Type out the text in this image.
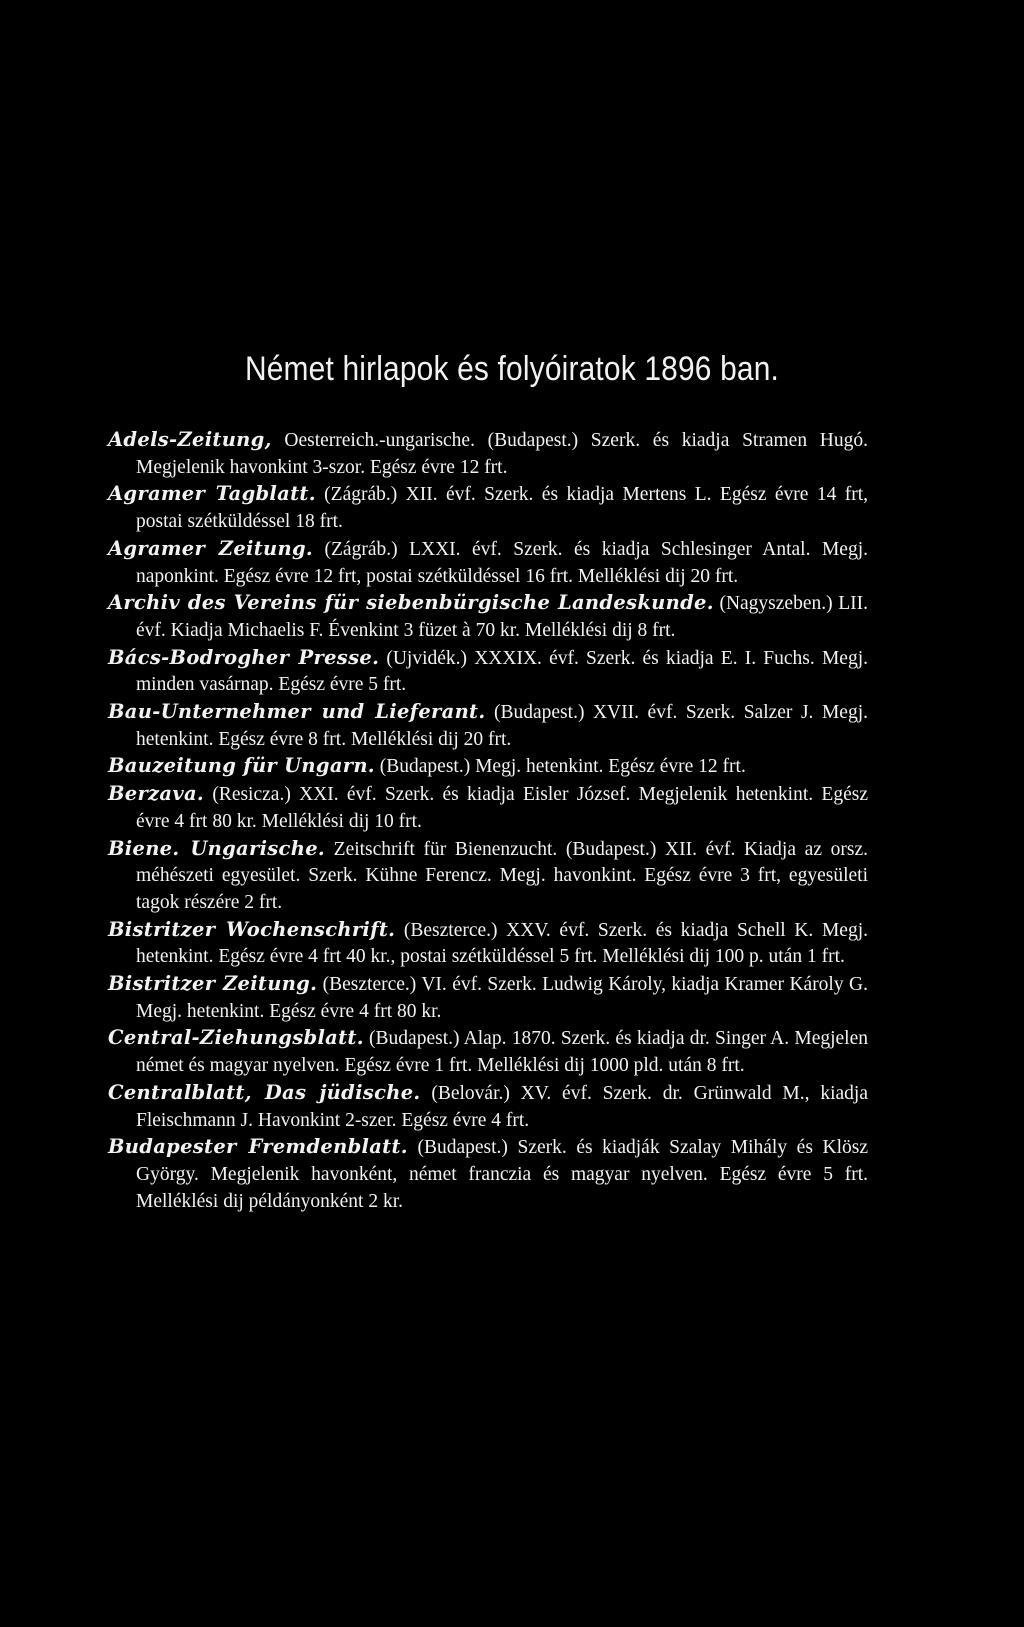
Német hirlapok és folyóiratok 1896 ban.

Adels-Zeitung, Oesterreich.-ungarische. (Budapest.) Szerk. és kiadja Stramen Hugó. Megjelenik havonkint 3-szor. Egész évre 12 frt.

Agramer Tagblatt. (Zágráb.) XII. évf. Szerk. és kiadja Mertens L. Egész évre 14 frt, postai szétküldéssel 18 frt.

Agramer Zeitung. (Zágráb.) LXXI. évf. Szerk. és kiadja Schlesinger Antal. Megj. naponkint. Egész évre 12 frt, postai szétküldéssel 16 frt. Melléklési dij 20 frt.

Archiv des Vereins für siebenbürgische Landeskunde. (Nagyszeben.) LII. évf. Kiadja Michaelis F. Évenkint 3 füzet à 70 kr. Melléklési dij 8 frt.

Bács-Bodrogher Presse. (Ujvidék.) XXXIX. évf. Szerk. és kiadja E. I. Fuchs. Megj. minden vasárnap. Egész évre 5 frt.

Bau-Unternehmer und Lieferant. (Budapest.) XVII. évf. Szerk. Salzer J. Megj. hetenkint. Egész évre 8 frt. Melléklési dij 20 frt.

Bauzeitung für Ungarn. (Budapest.) Megj. hetenkint. Egész évre 12 frt.

Berzava. (Resicza.) XXI. évf. Szerk. és kiadja Eisler József. Megjelenik hetenkint. Egész évre 4 frt 80 kr. Melléklési dij 10 frt.

Biene. Ungarische. Zeitschrift für Bienenzucht. (Budapest.) XII. évf. Kiadja az orsz. méhészeti egyesület. Szerk. Kühne Ferencz. Megj. havonkint. Egész évre 3 frt, egyesületi tagok részére 2 frt.

Bistritzer Wochenschrift. (Beszterce.) XXV. évf. Szerk. és kiadja Schell K. Megj. hetenkint. Egész évre 4 frt 40 kr., postai szétküldéssel 5 frt. Melléklési dij 100 p. után 1 frt.

Bistritzer Zeitung. (Beszterce.) VI. évf. Szerk. Ludwig Károly, kiadja Kramer Károly G. Megj. hetenkint. Egész évre 4 frt 80 kr.

Central-Ziehungsblatt. (Budapest.) Alap. 1870. Szerk. és kiadja dr. Singer A. Megjelen német és magyar nyelven. Egész évre 1 frt. Melléklési dij 1000 pld. után 8 frt.

Centralblatt, Das jüdische. (Belovár.) XV. évf. Szerk. dr. Grünwald M., kiadja Fleischmann J. Havonkint 2-szer. Egész évre 4 frt.

Budapester Fremdenblatt. (Budapest.) Szerk. és kiadják Szalay Mihály és Klösz György. Megjelenik havonként, német franczia és magyar nyelven. Egész évre 5 frt. Melléklési dij példányonként 2 kr.
